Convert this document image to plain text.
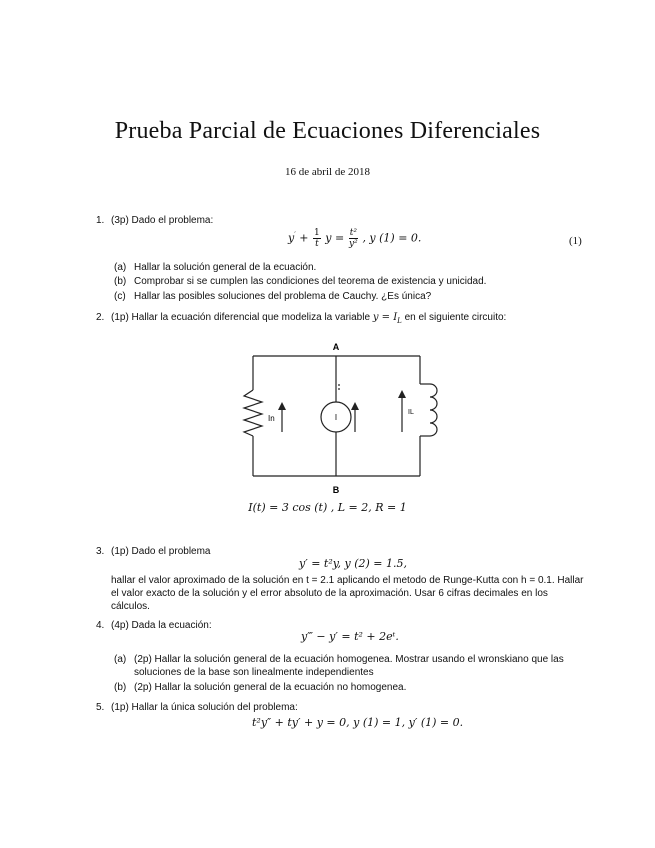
Prueba Parcial de Ecuaciones Diferenciales
16 de abril de 2018
1. (3p) Dado el problema:
$y' + \frac{1}{t}$ $y = \frac{\text{t²}}{\text{y²}}$ , y (1) = 0.	(1)
(a) Hallar la solución general de la ecuación.
(b) Comprobar si se cumplen las condiciones del teorema de existencia y unicidad.
(c) Hallar las posibles soluciones del problema de Cauchy. ¿Es única?
2. (1p) Hallar la ecuación diferencial que modeliza la variable $y = I_L$ en el siguiente circuito:
A
B
In	I
IL
I(t) = 3 cos (t) , L = 2, R = 1
3. (1p) Dado el problema
y′ = t²y, y (2) = 1.5,
hallar el valor aproximado de la solución en t = 2.1 aplicando el metodo de Runge-Kutta con h = 0.1. Hallar el valor exacto de la solución y el error absoluto de la aproximación. Usar 6 cifras decimales en los cálculos.
4. (4p) Dada la ecuación:
y‴ − y′ = t² + 2eᵗ.
(a) (2p) Hallar la solución general de la ecuación homogenea. Mostrar usando el wronskiano que las soluciones de la base son linealmente independientes
(b) (2p) Hallar la solución general de la ecuación no homogenea.
5. (1p) Hallar la única solución del problema:
t²y″ + ty′ + y = 0, y (1) = 1, y′ (1) = 0.
